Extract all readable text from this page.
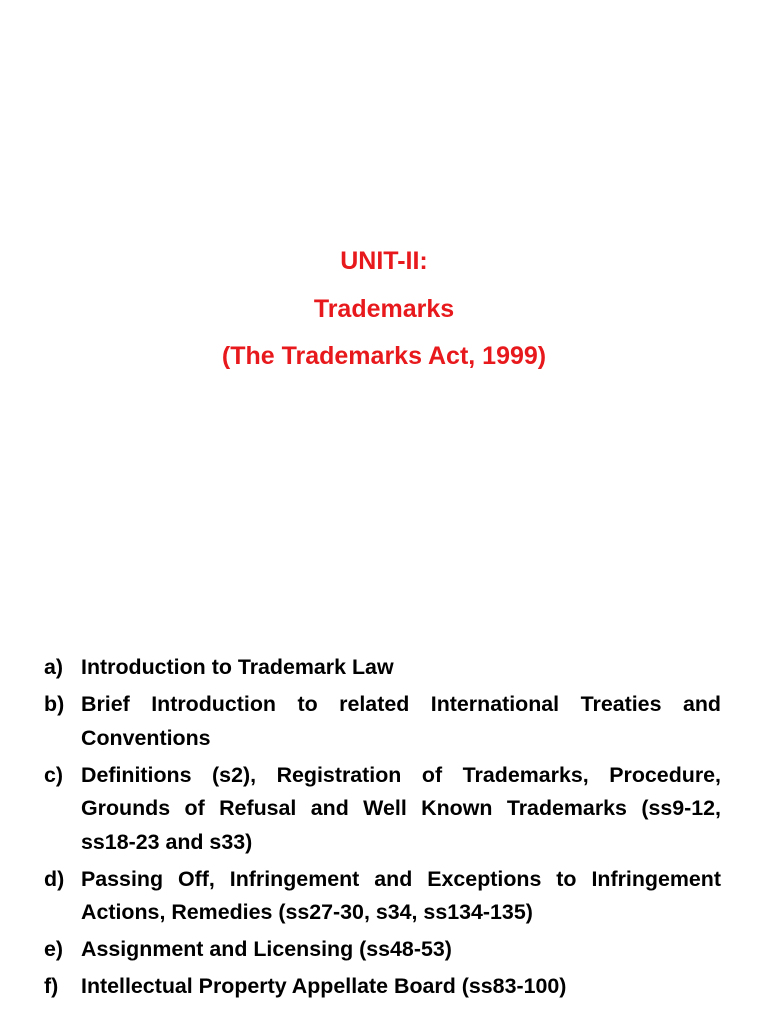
UNIT-II:
Trademarks
(The Trademarks Act, 1999)
a) Introduction to Trademark Law
b) Brief Introduction to related International Treaties and Conventions
c) Definitions (s2), Registration of Trademarks, Procedure, Grounds of Refusal and Well Known Trademarks (ss9-12, ss18-23 and s33)
d) Passing Off, Infringement and Exceptions to Infringement Actions, Remedies (ss27-30, s34, ss134-135)
e) Assignment and Licensing (ss48-53)
f) Intellectual Property Appellate Board (ss83-100)
